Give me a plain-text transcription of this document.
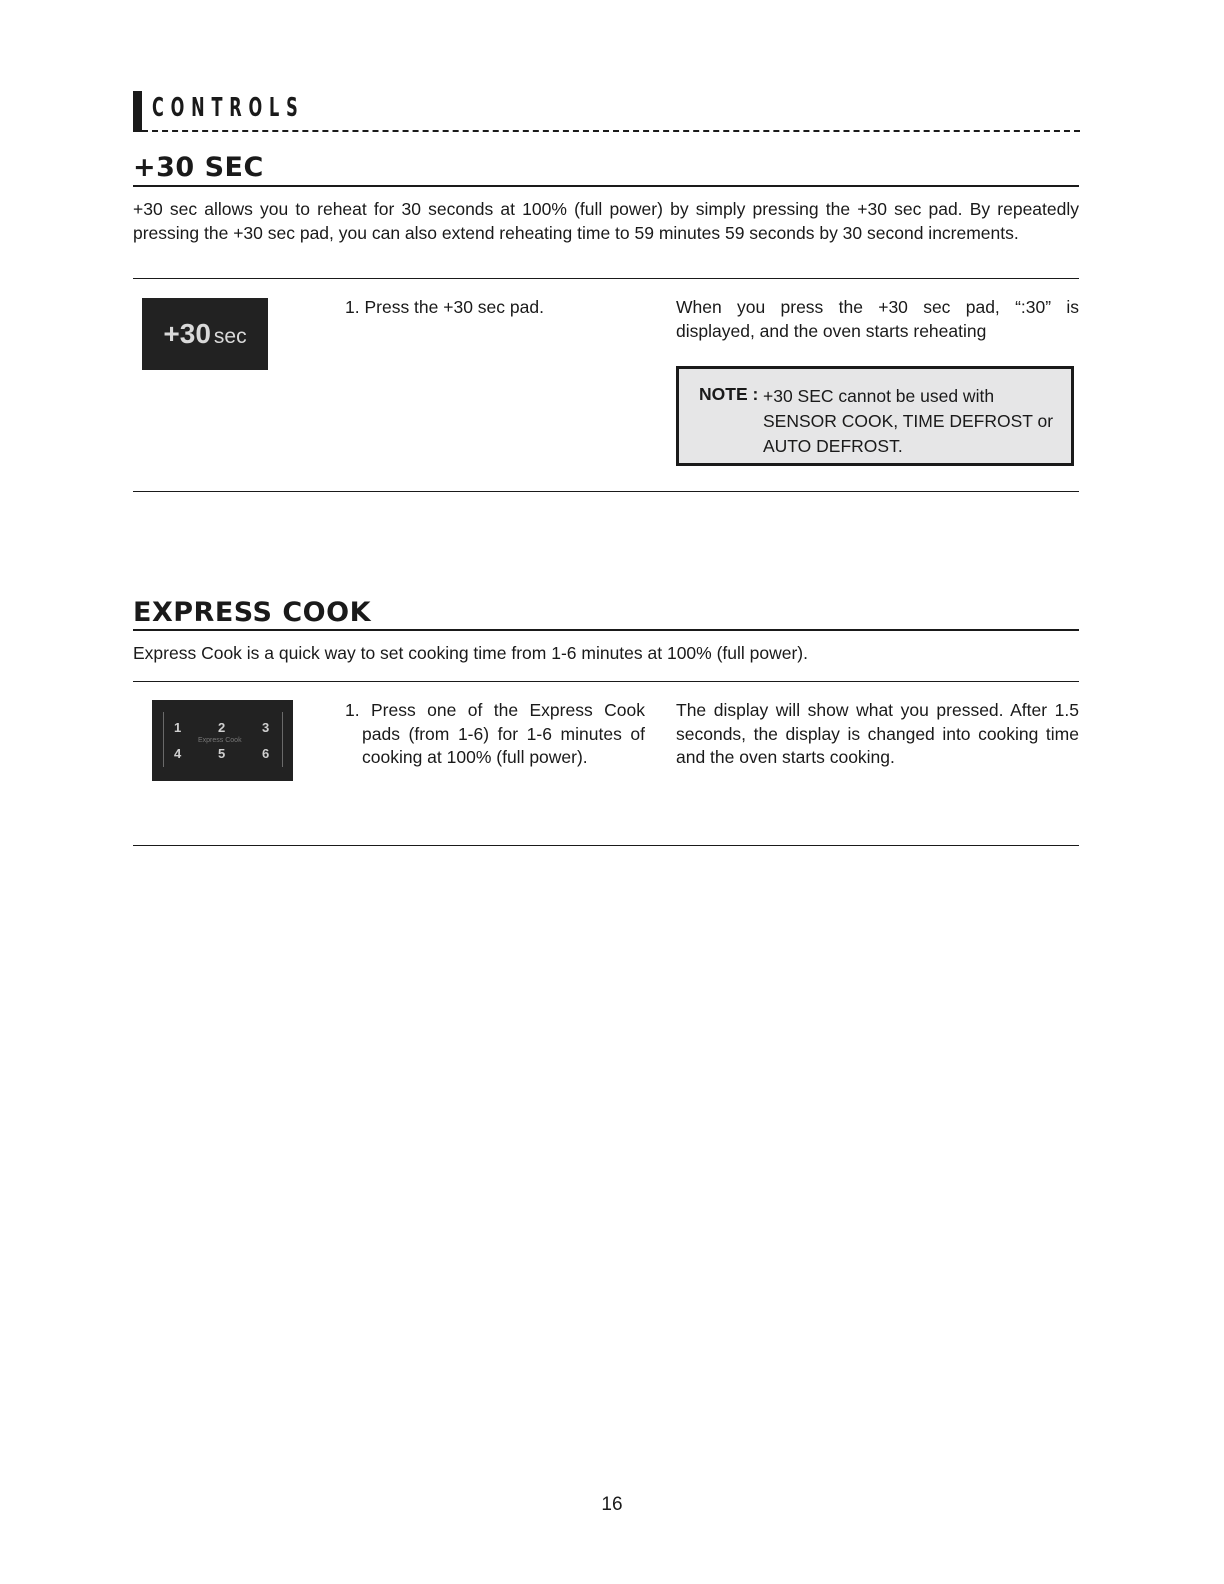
CONTROLS
+30 SEC
+30 sec allows you to reheat for 30 seconds at 100% (full power) by simply pressing the +30 sec pad. By repeatedly pressing the +30 sec pad, you can also extend reheating time to 59 minutes 59 seconds by 30 second increments.
+30 sec
1. Press the +30 sec pad.	When you press the +30 sec pad, “:30” is displayed, and the oven starts reheating
NOTE : +30 SEC cannot be used with SENSOR COOK, TIME DEFROST or AUTO DEFROST.
EXPRESS COOK
Express Cook is a quick way to set cooking time from 1-6 minutes at 100% (full power).
1	2	3
Express Cook
4	5	6
1. Press one of the Express Cook pads (from 1-6) for 1-6 minutes of cooking at 100% (full power).
The display will show what you pressed. After 1.5 seconds, the display is changed into cooking time and the oven starts cooking.
16
